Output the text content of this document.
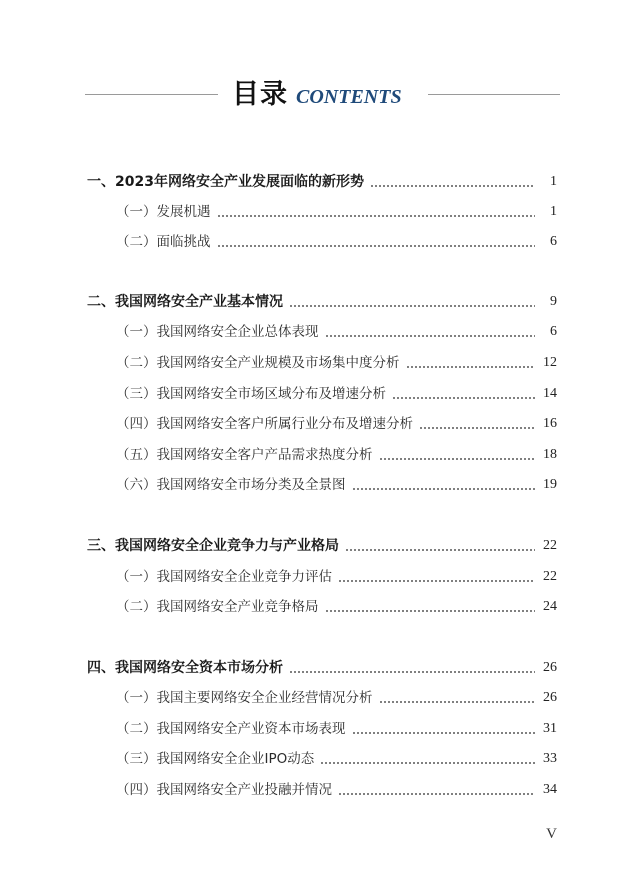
目录 CONTENTS
一、2023年网络安全产业发展面临的新形势	1
（一）发展机遇	1
（二）面临挑战	6
二、我国网络安全产业基本情况	9
（一）我国网络安全企业总体表现	6
（二）我国网络安全产业规模及市场集中度分析	12
（三）我国网络安全市场区域分布及增速分析	14
（四）我国网络安全客户所属行业分布及增速分析	16
（五）我国网络安全客户产品需求热度分析	18
（六）我国网络安全市场分类及全景图	19
三、我国网络安全企业竞争力与产业格局	22
（一）我国网络安全企业竞争力评估	22
（二）我国网络安全产业竞争格局	24
四、我国网络安全资本市场分析	26
（一）我国主要网络安全企业经营情况分析	26
（二）我国网络安全产业资本市场表现	31
（三）我国网络安全企业IPO动态	33
（四）我国网络安全产业投融并情况	34
V
